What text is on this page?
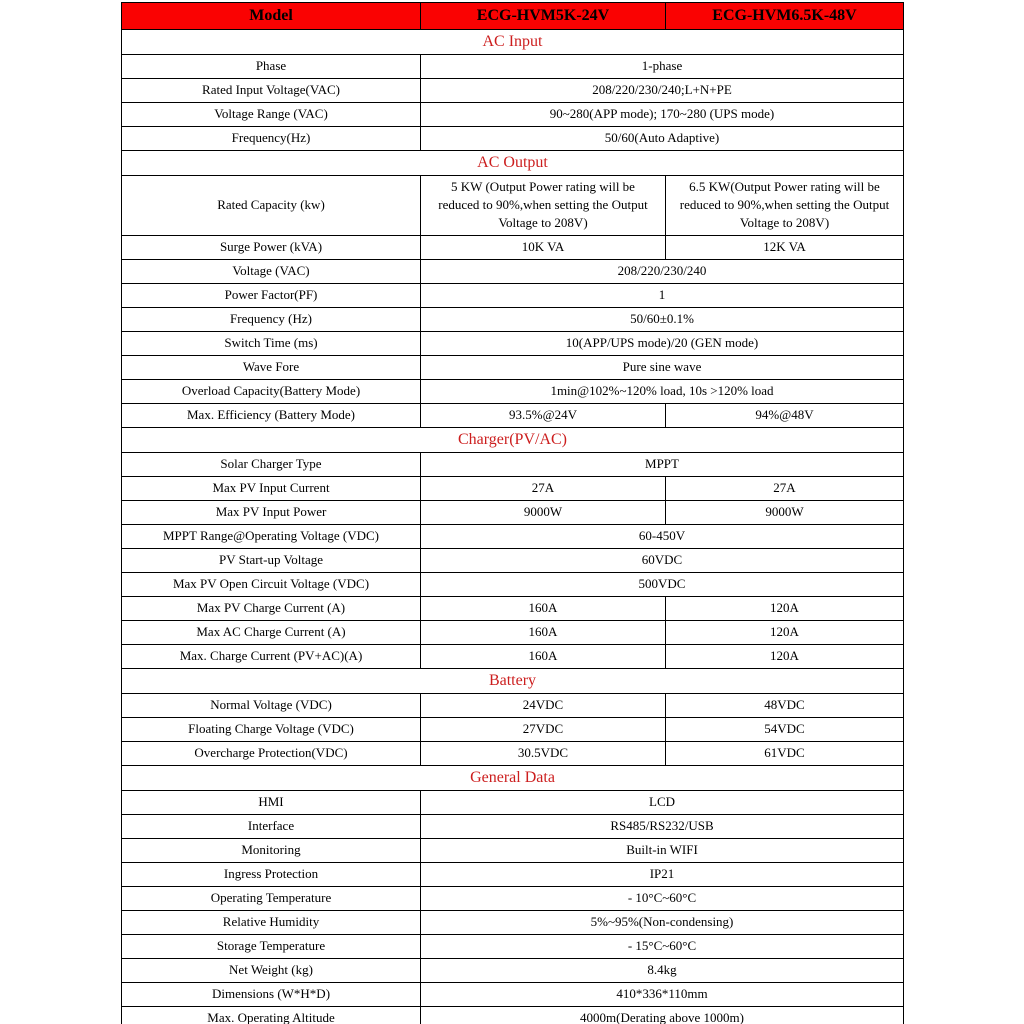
Model	ECG-HVM5K-24V	ECG-HVM6.5K-48V
AC Input		
Phase	1-phase	
Rated Input Voltage(VAC)	208/220/230/240;L+N+PE	
Voltage Range (VAC)	90~280(APP mode); 170~280 (UPS mode)	
Frequency(Hz)	50/60(Auto Adaptive)	
AC Output		
Rated Capacity (kw)	5 KW (Output Power rating will be reduced to 90%,when setting the Output Voltage to 208V)	6.5 KW(Output Power rating will be reduced to 90%,when setting the Output Voltage to 208V)
Surge Power (kVA)	10K VA	12K VA
Voltage (VAC)	208/220/230/240	
Power Factor(PF)	1	
Frequency (Hz)	50/60±0.1%	
Switch Time (ms)	10(APP/UPS mode)/20 (GEN mode)	
Wave Fore	Pure sine wave	
Overload Capacity(Battery Mode)	1min@102%~120% load, 10s >120% load	
Max. Efficiency (Battery Mode)	93.5%@24V	94%@48V
Charger(PV/AC)		
Solar Charger Type	MPPT	
Max PV Input Current	27A	27A
Max PV Input Power	9000W	9000W
MPPT Range@Operating Voltage (VDC)	60-450V	
PV Start-up Voltage	60VDC	
Max PV Open Circuit Voltage (VDC)	500VDC	
Max PV Charge Current (A)	160A	120A
Max AC Charge Current (A)	160A	120A
Max. Charge Current (PV+AC)(A)	160A	120A
Battery		
Normal Voltage (VDC)	24VDC	48VDC
Floating Charge Voltage (VDC)	27VDC	54VDC
Overcharge Protection(VDC)	30.5VDC	61VDC
General Data		
HMI	LCD	
Interface	RS485/RS232/USB	
Monitoring	Built-in WIFI	
Ingress Protection	IP21	
Operating Temperature	- 10°C~60°C	
Relative Humidity	5%~95%(Non-condensing)	
Storage Temperature	- 15°C~60°C	
Net Weight (kg)	8.4kg	
Dimensions (W*H*D)	410*336*110mm	
Max. Operating Altitude	4000m(Derating above 1000m)	
